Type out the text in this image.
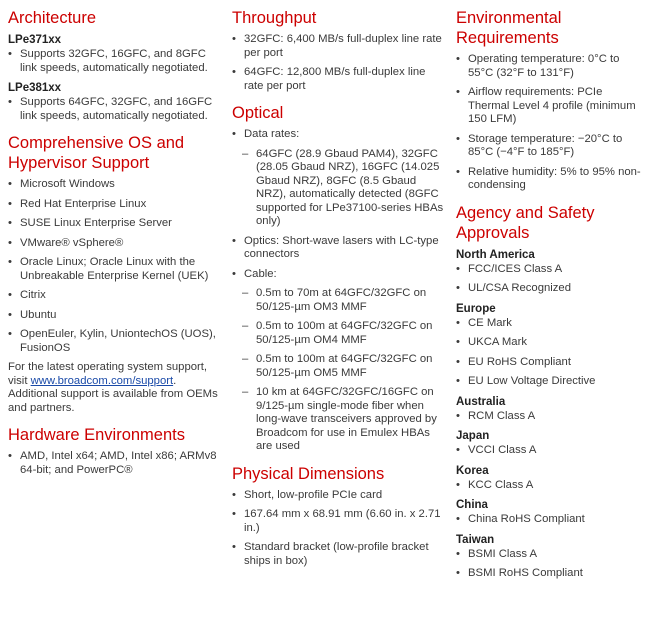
Architecture
LPe371xx
• Supports 32GFC, 16GFC, and 8GFC link speeds, automatically negotiated.
LPe381xx
• Supports 64GFC, 32GFC, and 16GFC link speeds, automatically negotiated.
Comprehensive OS and Hypervisor Support
• Microsoft Windows
• Red Hat Enterprise Linux
• SUSE Linux Enterprise Server
• VMware® vSphere®
• Oracle Linux; Oracle Linux with the Unbreakable Enterprise Kernel (UEK)
• Citrix
• Ubuntu
• OpenEuler, Kylin, UniontechOS (UOS), FusionOS
For the latest operating system support, visit www.broadcom.com/support. Additional support is available from OEMs and partners.
Hardware Environments
• AMD, Intel x64; AMD, Intel x86; ARMv8 64-bit; and PowerPC®
Throughput
• 32GFC: 6,400 MB/s full-duplex line rate per port
• 64GFC: 12,800 MB/s full-duplex line rate per port
Optical
• Data rates:
– 64GFC (28.9 Gbaud PAM4), 32GFC (28.05 Gbaud NRZ), 16GFC (14.025 Gbaud NRZ), 8GFC (8.5 Gbaud NRZ), automatically detected (8GFC supported for LPe37100-series HBAs only)
• Optics: Short-wave lasers with LC-type connectors
• Cable:
– 0.5m to 70m at 64GFC/32GFC on 50/125-µm OM3 MMF
– 0.5m to 100m at 64GFC/32GFC on 50/125-µm OM4 MMF
– 0.5m to 100m at 64GFC/32GFC on 50/125-µm OM5 MMF
– 10 km at 64GFC/32GFC/16GFC on 9/125-µm single-mode fiber when long-wave transceivers approved by Broadcom for use in Emulex HBAs are used
Physical Dimensions
• Short, low-profile PCIe card
• 167.64 mm x 68.91 mm (6.60 in. x 2.71 in.)
• Standard bracket (low-profile bracket ships in box)
Environmental Requirements
• Operating temperature: 0°C to 55°C (32°F to 131°F)
• Airflow requirements: PCIe Thermal Level 4 profile (minimum 150 LFM)
• Storage temperature: −20°C to 85°C (−4°F to 185°F)
• Relative humidity: 5% to 95% non-condensing
Agency and Safety Approvals
North America
• FCC/ICES Class A
• UL/CSA Recognized
Europe
• CE Mark
• UKCA Mark
• EU RoHS Compliant
• EU Low Voltage Directive
Australia
• RCM Class A
Japan
• VCCI Class A
Korea
• KCC Class A
China
• China RoHS Compliant
Taiwan
• BSMI Class A
• BSMI RoHS Compliant
